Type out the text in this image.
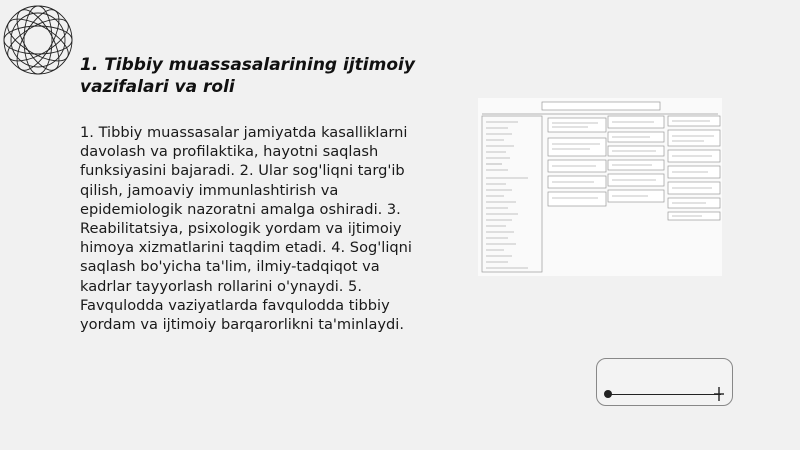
1. Tibbiy muassasalarining ijtimoiy
vazifalari va roli

1. Tibbiy muassasalar jamiyatda kasalliklarni
davolash va profilaktika, hayotni saqlash
funksiyasini bajaradi. 2. Ular sog'liqni targ'ib
qilish, jamoaviy immunlashtirish va
epidemiologik nazoratni amalga oshiradi. 3.
Reabilitatsiya, psixologik yordam va ijtimoiy
himoya xizmatlarini taqdim etadi. 4. Sog'liqni
saqlash bo'yicha ta'lim, ilmiy-tadqiqot va
kadrlar tayyorlash rollarini o'ynaydi. 5.
Favqulodda vaziyatlarda favqulodda tibbiy
yordam va ijtimoiy barqarorlikni ta'minlaydi.
